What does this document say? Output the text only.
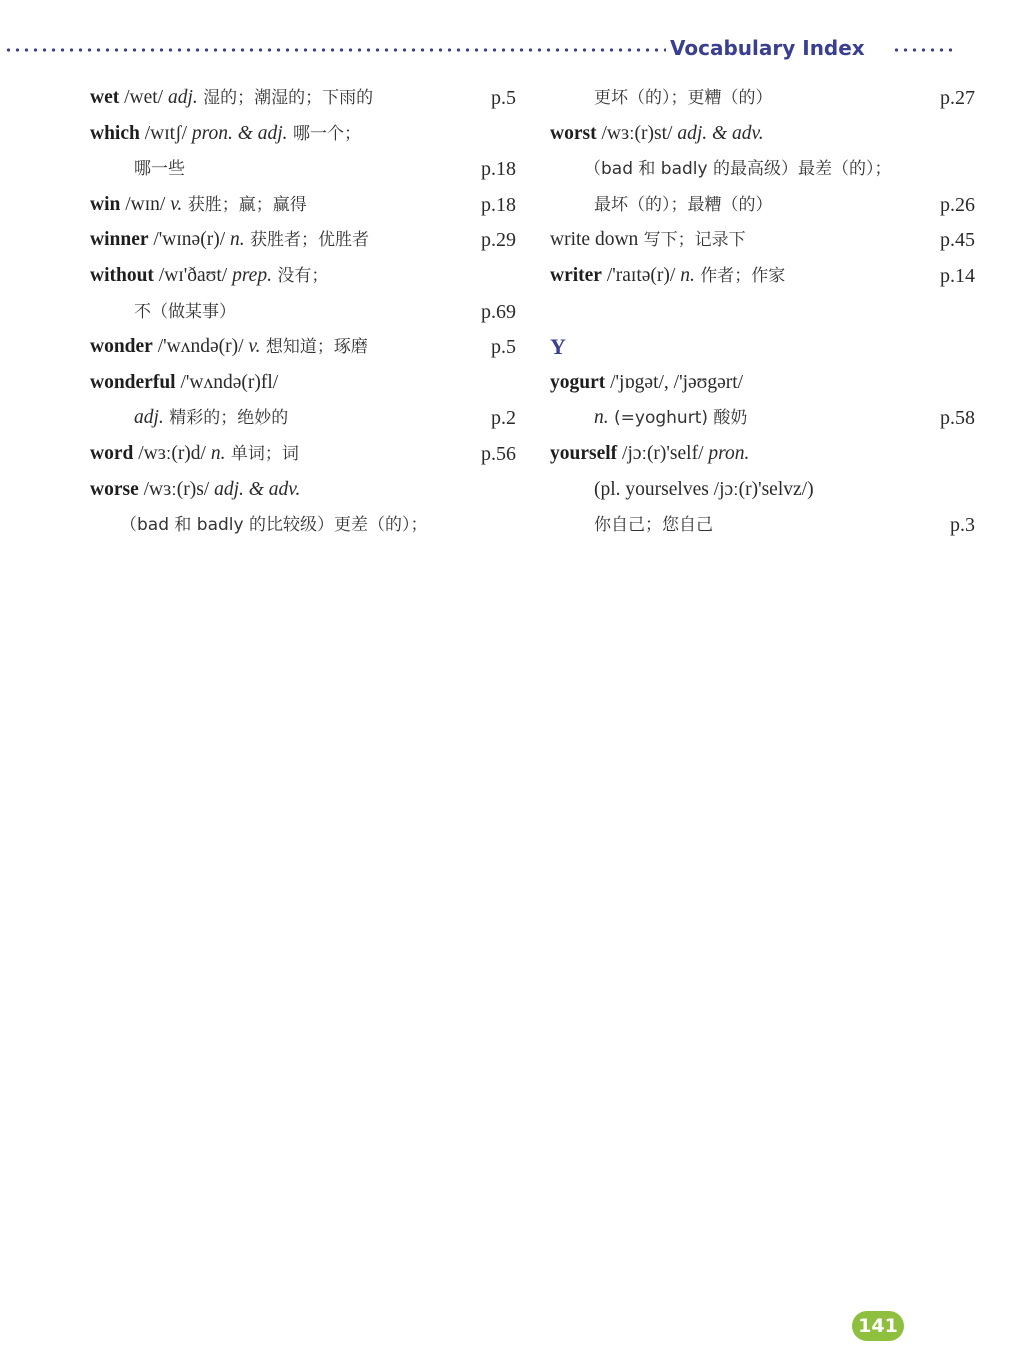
Vocabulary Index
wet /wet/ adj. 湿的；潮湿的；下雨的	p.5
which /wɪtʃ/ pron. & adj. 哪一个；
哪一些	p.18
win /wɪn/ v. 获胜；赢；赢得	p.18
winner /'wɪnə(r)/ n. 获胜者；优胜者	p.29
without /wɪ'ðaʊt/ prep. 没有；
不（做某事）	p.69
wonder /'wʌndə(r)/ v. 想知道；琢磨	p.5
wonderful /'wʌndə(r)fl/
adj. 精彩的；绝妙的	p.2
word /wɜː(r)d/ n. 单词；词	p.56
worse /wɜː(r)s/ adj. & adv.
（bad 和 badly 的比较级）更差（的）；
更坏（的）；更糟（的）	p.27
worst /wɜː(r)st/ adj. & adv.
（bad 和 badly 的最高级）最差（的）；
最坏（的）；最糟（的）	p.26
write down 写下；记录下	p.45
writer /'raɪtə(r)/ n. 作者；作家	p.14
Y
yogurt /'jɒgət/, /'jəʊgərt/
n. (=yoghurt) 酸奶	p.58
yourself /jɔː(r)'self/ pron.
(pl. yourselves /jɔː(r)'selvz/)
你自己；您自己	p.3
141
